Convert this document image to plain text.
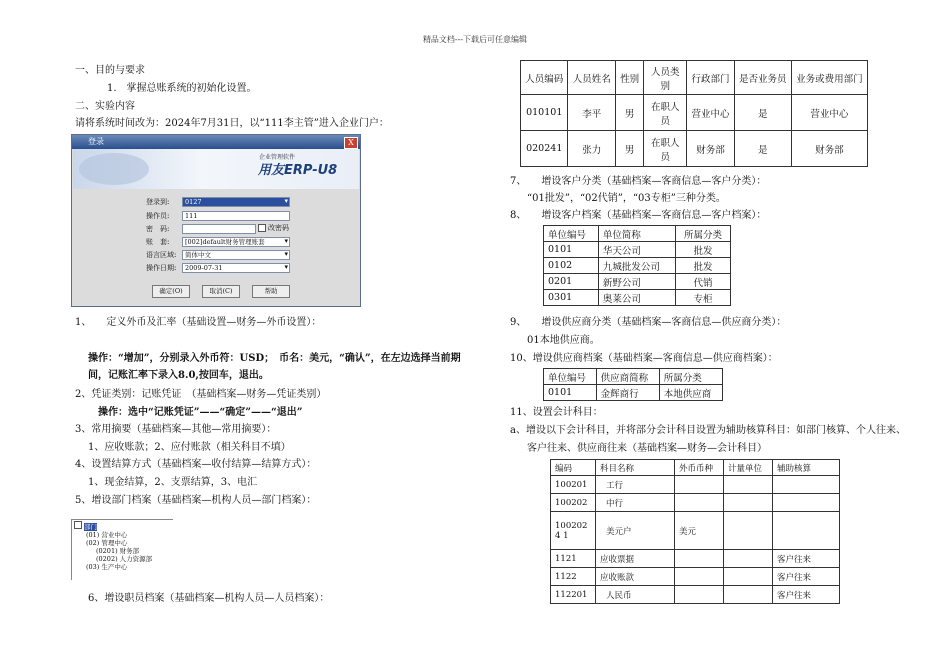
精品文档---下载后可任意编辑
一、目的与要求
1.　掌握总账系统的初始化设置。
二、实验内容
请将系统时间改为：2024年7月31日，以“111李主管”进入企业门户：
登录	X
企业管理软件
用友ERP-U8
登录到:	0127 ▾
操作员:	111
密　码:	改密码
账　套:	[002]default财务管理账套 ▾
语言区域:	简体中文 ▾
操作日期:	2009-07-31 ▾
确定(O)	取消(C)	帮助
1、　　定义外币及汇率（基础设置—财务—外币设置）：
操作：“增加”，分别录入外币符：USD；　币名：美元，“确认”，在左边选择当前期
间，记账汇率下录入8.0,按回车，退出。
2、凭证类别：记账凭证　（基础档案—财务—凭证类别）
操作：选中“记账凭证”——“确定”——“退出”
3、常用摘要（基础档案—其他—常用摘要）：
1、应收账款；2、应付账款（相关科目不填）
4、设置结算方式（基础档案—收付结算—结算方式）：
1、现金结算，2、支票结算，3、电汇
5、增设部门档案（基础档案—机构人员—部门档案）：
部门
(01) 营业中心
(02) 管理中心
(0201) 财务部
(0202) 人力资源部
(03) 生产中心
6、增设职员档案（基础档案—机构人员—人员档案）：
人员编码	人员姓名	性别	人员类别	行政部门	是否业务员	业务或费用部门
010101	李平	男	在职人员	营业中心	是	营业中心
020241	张力	男	在职人员	财务部	是	财务部
7、　　增设客户分类（基础档案—客商信息—客户分类）：
“01批发”，“02代销”，“03专柜”三种分类。
8、　　增设客户档案（基础档案—客商信息—客户档案）：
单位编号	单位简称	所属分类
0101	华天公司	批发
0102	九城批发公司	批发
0201	新野公司	代销
0301	奥莱公司	专柜
9、　　增设供应商分类（基础档案—客商信息—供应商分类）：
01本地供应商。
10、增设供应商档案（基础档案—客商信息—供应商档案）：
单位编号	供应商简称	所属分类
0101	金辉商行	本地供应商
11、设置会计科目：
a、增设以下会计科目，并将部分会计科目设置为辅助核算科目：如部门核算、个人往来、
客户往来、供应商往来（基础档案—财务—会计科目）
编码	科目名称	外币币种	计量单位	辅助核算
100201	工行			
100202	中行			
1002024 1	美元户	美元		
1121	应收票据			客户往来
1122	应收账款			客户往来
112201	人民币			客户往来
